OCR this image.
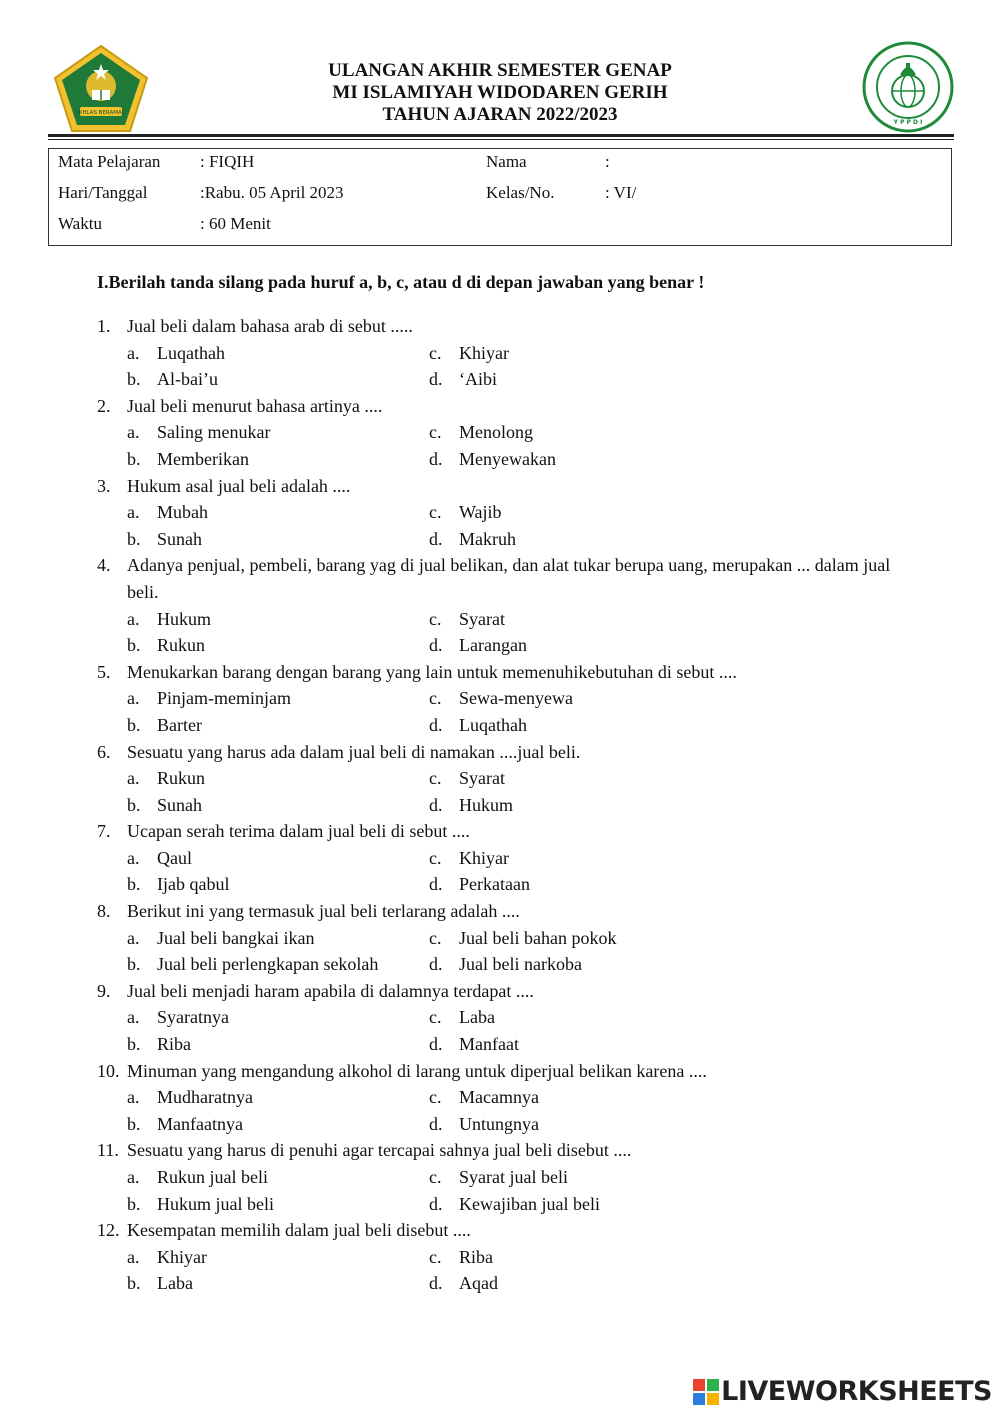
IKHLAS BERAMAL
Y P P D I
ULANGAN AKHIR SEMESTER GENAP
MI ISLAMIYAH WIDODAREN GERIH
TAHUN AJARAN 2022/2023
Mata Pelajaran : FIQIH	Nama	:
Hari/Tanggal	:Rabu. 05 April 2023	Kelas/No.	: VI/
Waktu	: 60 Menit
I.Berilah tanda silang pada huruf a, b, c, atau d di depan jawaban yang benar !
1. Jual beli dalam bahasa arab di sebut .....
a. Luqathah	c. Khiyar
b. Al-bai’u	d. ‘Aibi
2. Jual beli menurut bahasa artinya ....
a. Saling menukar	c. Menolong
b. Memberikan	d. Menyewakan
3. Hukum asal jual beli adalah ....
a. Mubah	c. Wajib
b. Sunah	d. Makruh
4. Adanya penjual, pembeli, barang yag di jual belikan, dan alat tukar berupa uang, merupakan ... dalam jual beli.
a. Hukum	c. Syarat
b. Rukun	d. Larangan
5. Menukarkan barang dengan barang yang lain untuk memenuhikebutuhan di sebut ....
a. Pinjam-meminjam	c. Sewa-menyewa
b. Barter	d. Luqathah
6. Sesuatu yang harus ada dalam jual beli di namakan ....jual beli.
a. Rukun	c. Syarat
b. Sunah	d. Hukum
7. Ucapan serah terima dalam jual beli di sebut ....
a. Qaul	c. Khiyar
b. Ijab qabul	d. Perkataan
8. Berikut ini yang termasuk jual beli terlarang adalah ....
a. Jual beli bangkai ikan	c. Jual beli bahan pokok
b. Jual beli perlengkapan sekolah	d. Jual beli narkoba
9. Jual beli menjadi haram apabila di dalamnya terdapat ....
a. Syaratnya	c. Laba
b. Riba	d. Manfaat
10. Minuman yang mengandung alkohol di larang untuk diperjual belikan karena ....
a. Mudharatnya	c. Macamnya
b. Manfaatnya	d. Untungnya
11. Sesuatu yang harus di penuhi agar tercapai sahnya jual beli disebut ....
a. Rukun jual beli	c. Syarat jual beli
b. Hukum jual beli	d. Kewajiban jual beli
12. Kesempatan memilih dalam jual beli disebut ....
a. Khiyar	c. Riba
b. Laba	d. Aqad
LIVEWORKSHEETS
